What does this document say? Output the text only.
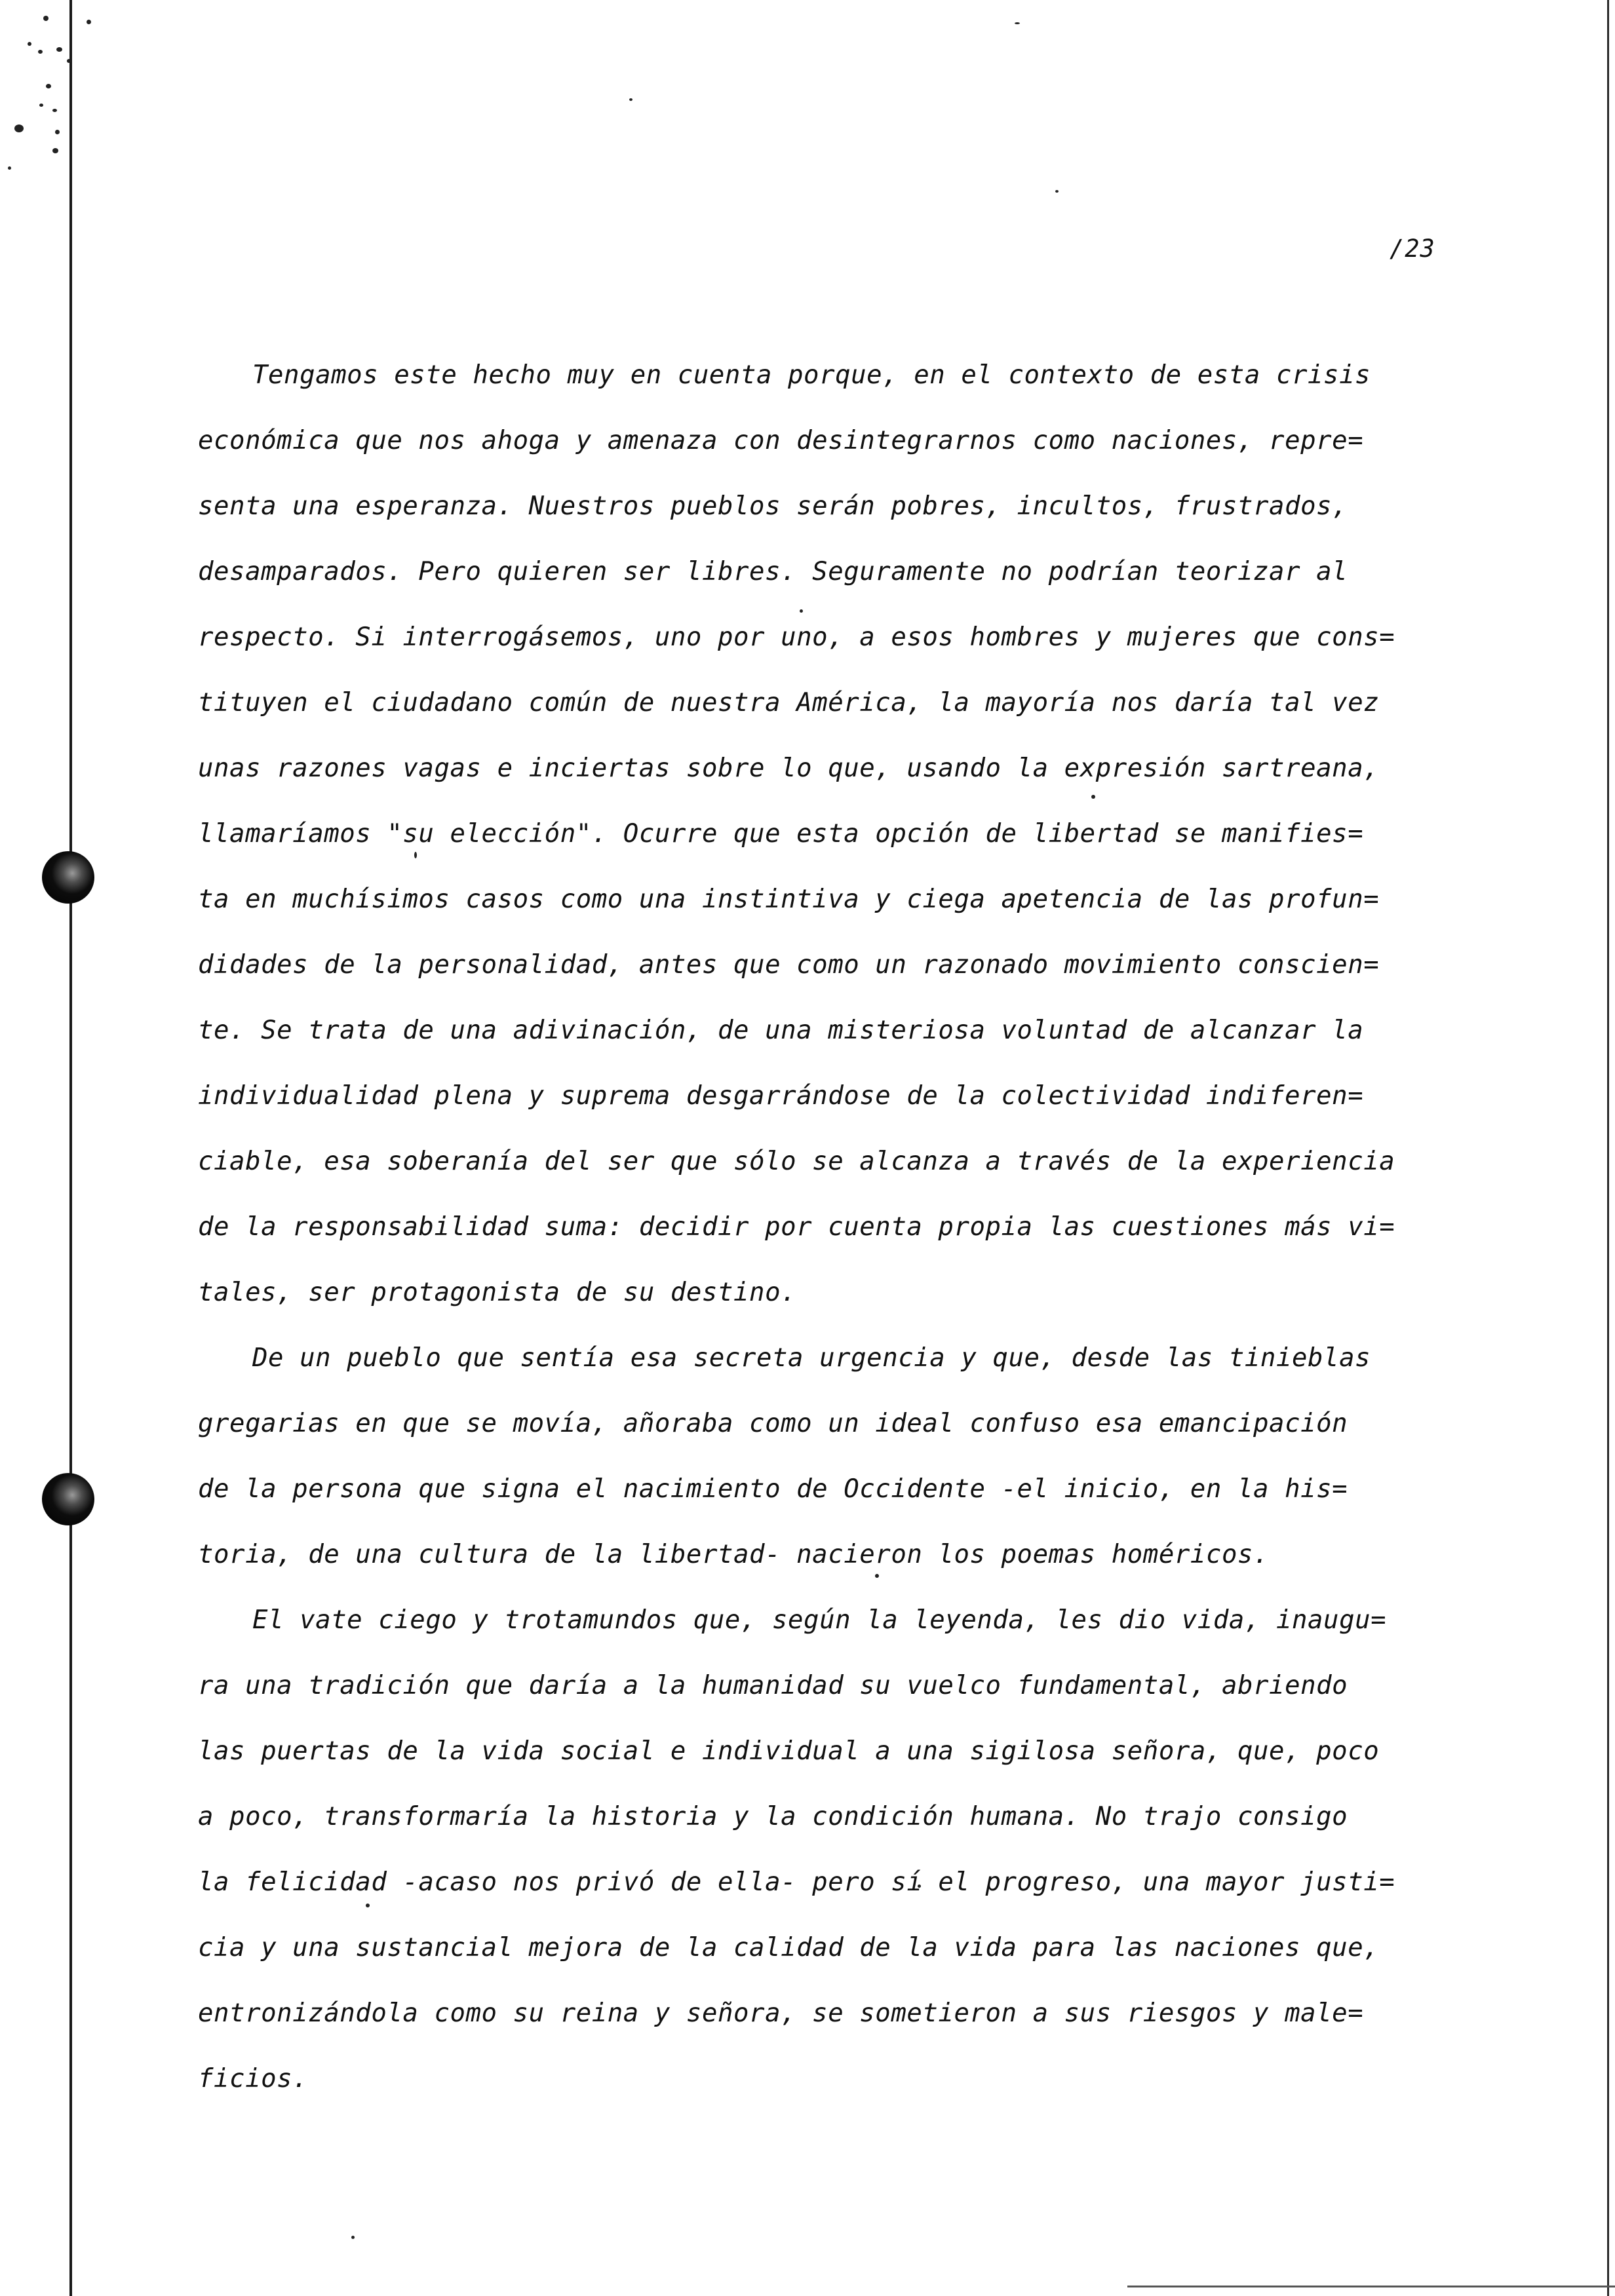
/23
Tengamos este hecho muy en cuenta porque, en el contexto de esta crisis
económica que nos ahoga y amenaza con desintegrarnos como naciones, repre=
senta una esperanza. Nuestros pueblos serán pobres, incultos, frustrados,
desamparados. Pero quieren ser libres. Seguramente no podrían teorizar al
respecto. Si interrogásemos, uno por uno, a esos hombres y mujeres que cons=
tituyen el ciudadano común de nuestra América, la mayoría nos daría tal vez
unas razones vagas e inciertas sobre lo que, usando la expresión sartreana,
llamaríamos "su elección". Ocurre que esta opción de libertad se manifies=
ta en muchísimos casos como una instintiva y ciega apetencia de las profun=
didades de la personalidad, antes que como un razonado movimiento conscien=
te. Se trata de una adivinación, de una misteriosa voluntad de alcanzar la
individualidad plena y suprema desgarrándose de la colectividad indiferen=
ciable, esa soberanía del ser que sólo se alcanza a través de la experiencia
de la responsabilidad suma: decidir por cuenta propia las cuestiones más vi=
tales, ser protagonista de su destino.
De un pueblo que sentía esa secreta urgencia y que, desde las tinieblas
gregarias en que se movía, añoraba como un ideal confuso esa emancipación
de la persona que signa el nacimiento de Occidente -el inicio, en la his=
toria, de una cultura de la libertad- nacieron los poemas homéricos.
El vate ciego y trotamundos que, según la leyenda, les dio vida, inaugu=
ra una tradición que daría a la humanidad su vuelco fundamental, abriendo
las puertas de la vida social e individual a una sigilosa señora, que, poco
a poco, transformaría la historia y la condición humana. No trajo consigo
la felicidad -acaso nos privó de ella- pero sí el progreso, una mayor justi=
cia y una sustancial mejora de la calidad de la vida para las naciones que,
entronizándola como su reina y señora, se sometieron a sus riesgos y male=
ficios.
